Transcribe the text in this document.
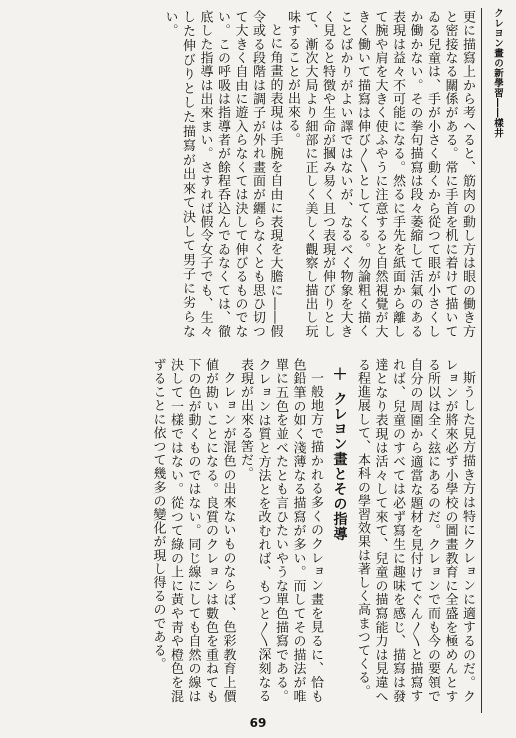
クレヨン畫の新學習――樣井

更に描寫上から考へると、筋肉の動し方は眼の働き方と密接なる關係がある。常に手首を机に着けて描いてゐる兒童は、手が小さく動くから從つて眼が小さくしか働かない。その拳句描寫は段々萎縮して活氣のある表現は益々不可能になる。然るに手先を紙面から離して腕や肩を大きく使ふやうに注意すると自然視覺が大きく働いて描寫は伸び〳〵としてくる。勿論粗く描くことばかりがよい譯ではないが、なるべく物象を大きく見ると特徴や生命が摑み易く且つ表現が伸びりとして、漸次大局より細部に正しく美しく觀察し描出し玩味することが出來る。

とに角畫的表現は手腕を自由に表現を大膽に――假令或る段階は調子が外れ畫面が纒らなくとも思ひ切つて大きく自由に遊入らなくては決して伸びるものでない。この呼吸は指導者が餘程呑込んでゐなくては、徹底した指導は出來まい。さすれば假令女子でも、生々した伸びりとした描寫が出來て決して男子に劣らない。

斯うした見方描き方は特にクレョンに適するのだ。クレョンが將來必ず小學校の圖畫教育に全盛を極めんとする所以は全く玆にあるのだ。クレョンで而も今の要領で自分の周圍から適當な題材を見付けてぐん〳〵と描寫すれば、兒童のすべては必ず寫生に趣味を感じ、描寫は發達となり表現は活々して來て、兒童の描寫能力は見違へる程進展して、本科の學習效果は著しく高まつてくる。

＋ クレヨン畫とその指導

一般地方で描かれる多くのクレョン畫を見るに、恰も色鉛筆の如く淺薄なる描寫が多い。而してその描法が唯單に五色を並べたとも言ひたいやうな單色描寫である。クレョンは質と方法とを改むれば、もつと〳〵深刻なる表現が出來る筈だ。

クレョンが混色の出來ないものならば、色彩教育上價値が勘いことになる。良質のクレョンは數色を重ねても下の色が動くものではない。同じ線にしても自然の線は決して一樣ではない。從つて綠の上に黃や靑や橙色を混ずることに依つて幾多の變化が現し得るのである。

69
